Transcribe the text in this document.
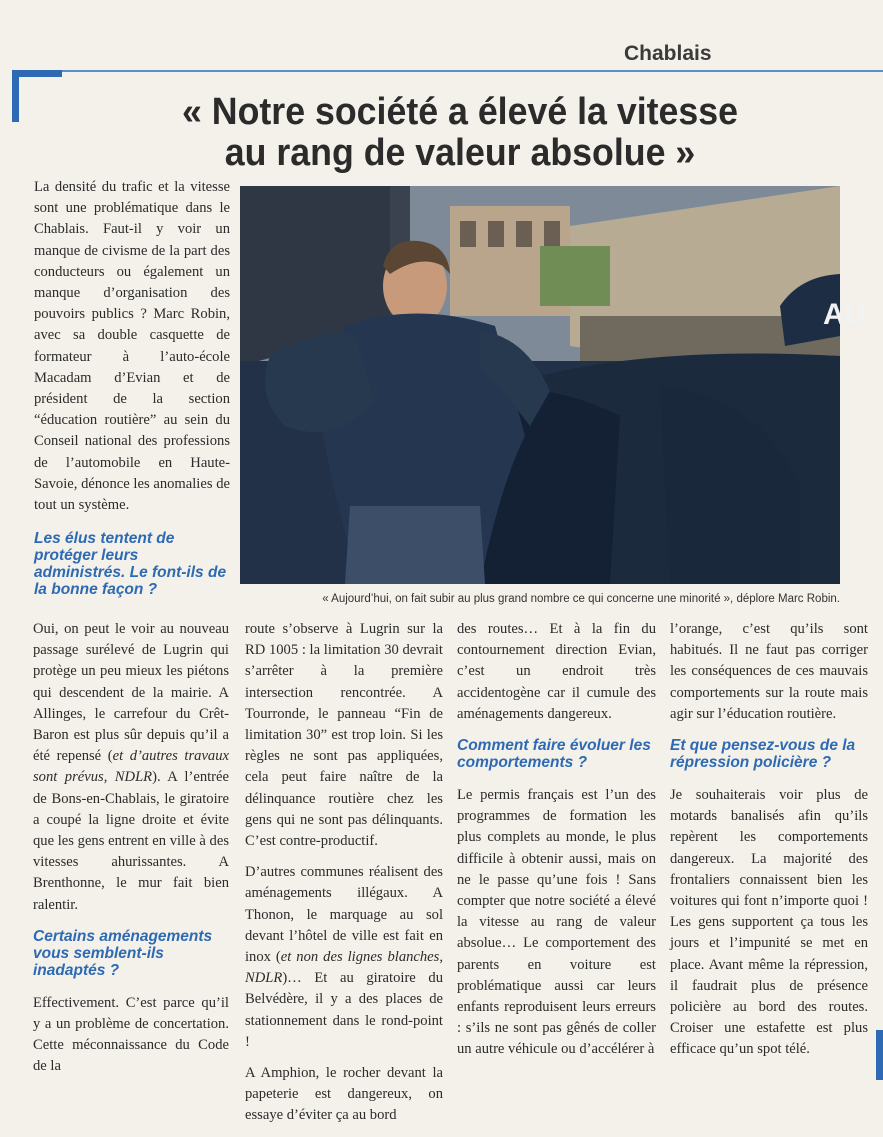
Chablais
« Notre société a élevé la vitesse
au rang de valeur absolue »

La densité du trafic et la vitesse sont une problématique dans le Chablais. Faut-il y voir un manque de civisme de la part des conducteurs ou également un manque d’organisation des pouvoirs publics ? Marc Robin, avec sa double casquette de formateur à l’auto-école Macadam d’Evian et de président de la section “éducation routière” au sein du Conseil national des professions de l’automobile en Haute-Savoie, dénonce les anomalies de tout un système.

Les élus tentent de protéger leurs administrés. Le font-ils de la bonne façon ?
AU

« Aujourd’hui, on fait subir au plus grand nombre ce qui concerne une minorité », déplore Marc Robin.

Oui, on peut le voir au nouveau passage surélevé de Lugrin qui protège un peu mieux les piétons qui descendent de la mairie. A Allinges, le carrefour du Crêt-Baron est plus sûr depuis qu’il a été repensé (et d’autres travaux sont prévus, NDLR). A l’entrée de Bons-en-Chablais, le giratoire a coupé la ligne droite et évite que les gens entrent en ville à des vitesses ahurissantes. A Brenthonne, le mur fait bien ralentir.

Certains aménagements vous semblent-ils inadaptés ?

Effectivement. C’est parce qu’il y a un problème de concertation. Cette méconnaissance du Code de la

route s’observe à Lugrin sur la RD 1005 : la limitation 30 devrait s’arrêter à la première intersection rencontrée. A Tourronde, le panneau “Fin de limitation 30” est trop loin. Si les règles ne sont pas appliquées, cela peut faire naître de la délinquance routière chez les gens qui ne sont pas délinquants. C’est contre-productif.

D’autres communes réalisent des aménagements illégaux. A Thonon, le marquage au sol devant l’hôtel de ville est fait en inox (et non des lignes blanches, NDLR)… Et au giratoire du Belvédère, il y a des places de stationnement dans le rond-point !

A Amphion, le rocher devant la papeterie est dangereux, on essaye d’éviter ça au bord

des routes… Et à la fin du contournement direction Evian, c’est un endroit très accidentogène car il cumule des aménagements dangereux.

Comment faire évoluer les comportements ?

Le permis français est l’un des programmes de formation les plus complets au monde, le plus difficile à obtenir aussi, mais on ne le passe qu’une fois ! Sans compter que notre société a élevé la vitesse au rang de valeur absolue… Le comportement des parents en voiture est problématique aussi car leurs enfants reproduisent leurs erreurs : s’ils ne sont pas gênés de coller un autre véhicule ou d’accélérer à

l’orange, c’est qu’ils sont habitués. Il ne faut pas corriger les conséquences de ces mauvais comportements sur la route mais agir sur l’éducation routière.

Et que pensez-vous de la répression policière ?

Je souhaiterais voir plus de motards banalisés afin qu’ils repèrent les comportements dangereux. La majorité des frontaliers connaissent bien les voitures qui font n’importe quoi ! Les gens supportent ça tous les jours et l’impunité se met en place. Avant même la répression, il faudrait plus de présence policière au bord des routes. Croiser une estafette est plus efficace qu’un spot télé.
